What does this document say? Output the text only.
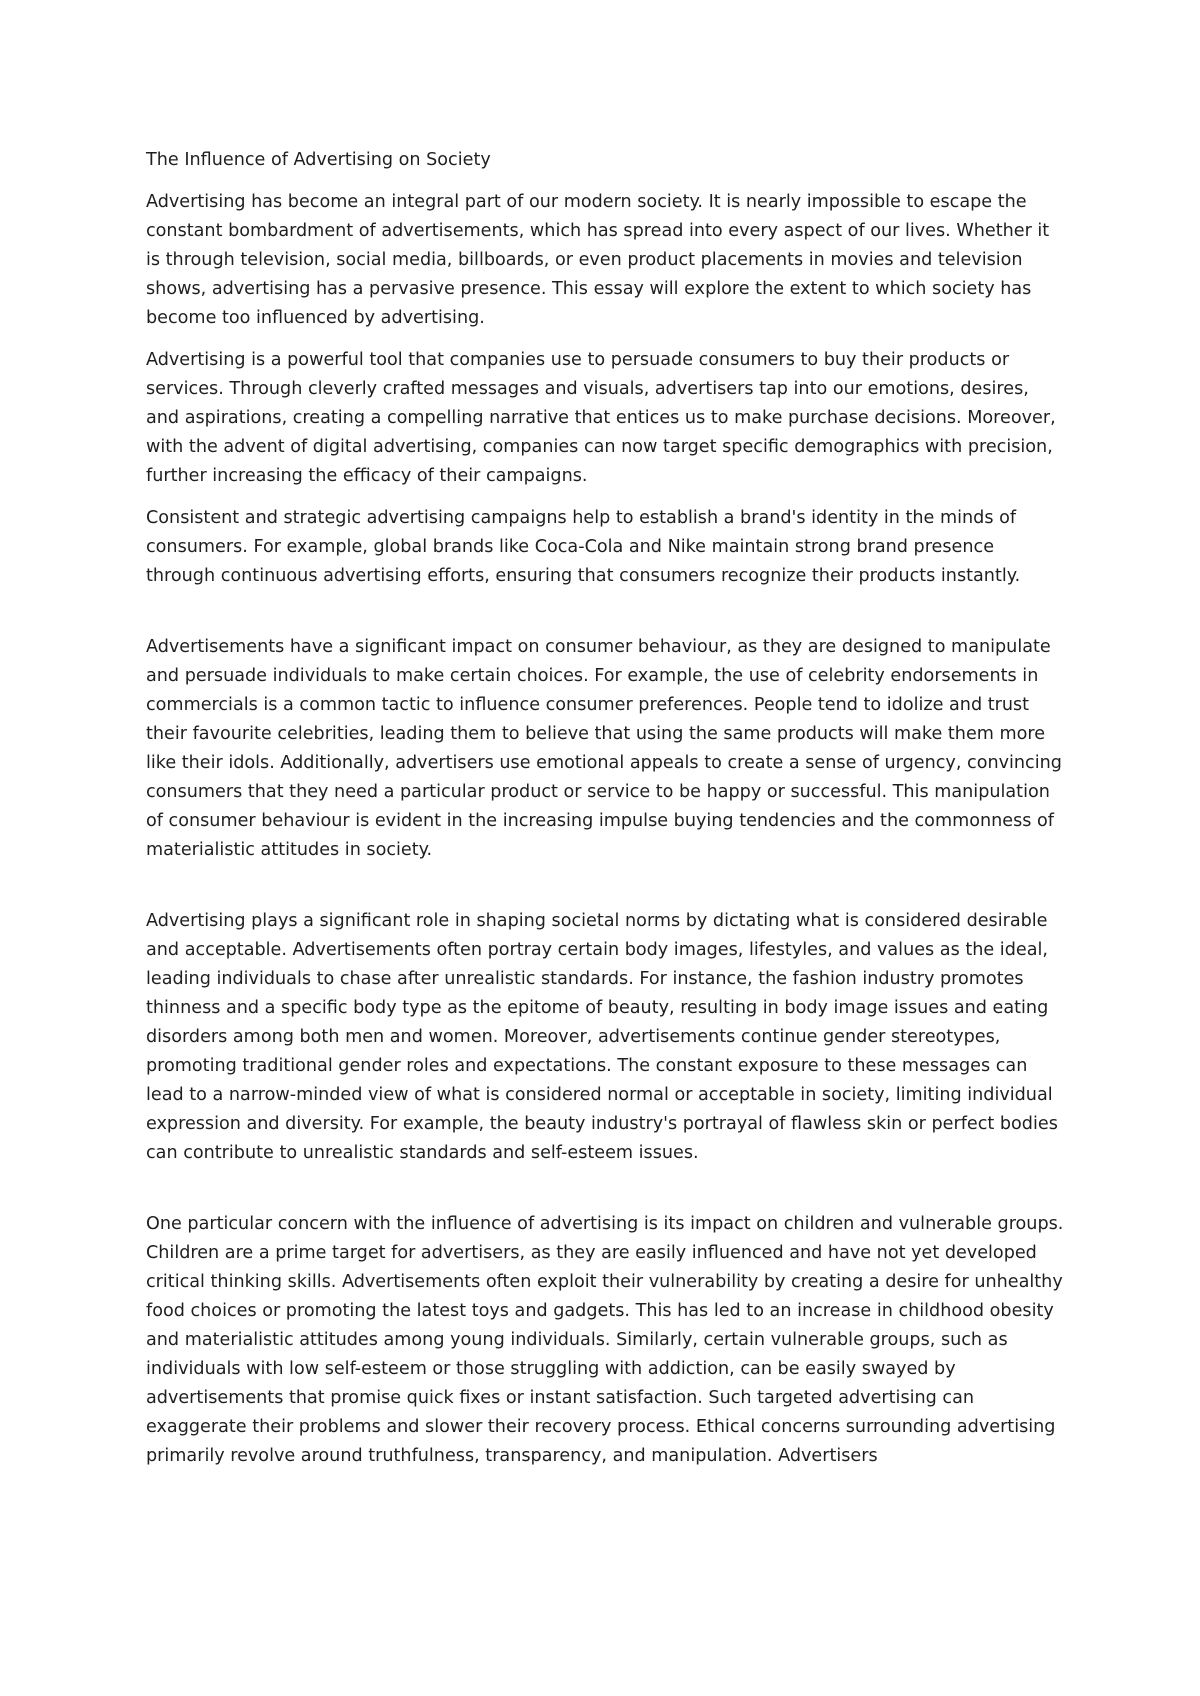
The Influence of Advertising on Society

Advertising has become an integral part of our modern society. It is nearly impossible to escape the constant bombardment of advertisements, which has spread into every aspect of our lives. Whether it is through television, social media, billboards, or even product placements in movies and television shows, advertising has a pervasive presence. This essay will explore the extent to which society has become too influenced by advertising.

Advertising is a powerful tool that companies use to persuade consumers to buy their products or services. Through cleverly crafted messages and visuals, advertisers tap into our emotions, desires, and aspirations, creating a compelling narrative that entices us to make purchase decisions. Moreover, with the advent of digital advertising, companies can now target specific demographics with precision, further increasing the efficacy of their campaigns.

Consistent and strategic advertising campaigns help to establish a brand's identity in the minds of consumers. For example, global brands like Coca-Cola and Nike maintain strong brand presence through continuous advertising efforts, ensuring that consumers recognize their products instantly.

Advertisements have a significant impact on consumer behaviour, as they are designed to manipulate and persuade individuals to make certain choices. For example, the use of celebrity endorsements in commercials is a common tactic to influence consumer preferences. People tend to idolize and trust their favourite celebrities, leading them to believe that using the same products will make them more like their idols. Additionally, advertisers use emotional appeals to create a sense of urgency, convincing consumers that they need a particular product or service to be happy or successful. This manipulation of consumer behaviour is evident in the increasing impulse buying tendencies and the commonness of materialistic attitudes in society.

Advertising plays a significant role in shaping societal norms by dictating what is considered desirable and acceptable. Advertisements often portray certain body images, lifestyles, and values as the ideal, leading individuals to chase after unrealistic standards. For instance, the fashion industry promotes thinness and a specific body type as the epitome of beauty, resulting in body image issues and eating disorders among both men and women. Moreover, advertisements continue gender stereotypes, promoting traditional gender roles and expectations. The constant exposure to these messages can lead to a narrow-minded view of what is considered normal or acceptable in society, limiting individual expression and diversity. For example, the beauty industry's portrayal of flawless skin or perfect bodies can contribute to unrealistic standards and self-esteem issues.

One particular concern with the influence of advertising is its impact on children and vulnerable groups. Children are a prime target for advertisers, as they are easily influenced and have not yet developed critical thinking skills. Advertisements often exploit their vulnerability by creating a desire for unhealthy food choices or promoting the latest toys and gadgets. This has led to an increase in childhood obesity and materialistic attitudes among young individuals. Similarly, certain vulnerable groups, such as individuals with low self-esteem or those struggling with addiction, can be easily swayed by advertisements that promise quick fixes or instant satisfaction. Such targeted advertising can exaggerate their problems and slower their recovery process. Ethical concerns surrounding advertising primarily revolve around truthfulness, transparency, and manipulation. Advertisers
